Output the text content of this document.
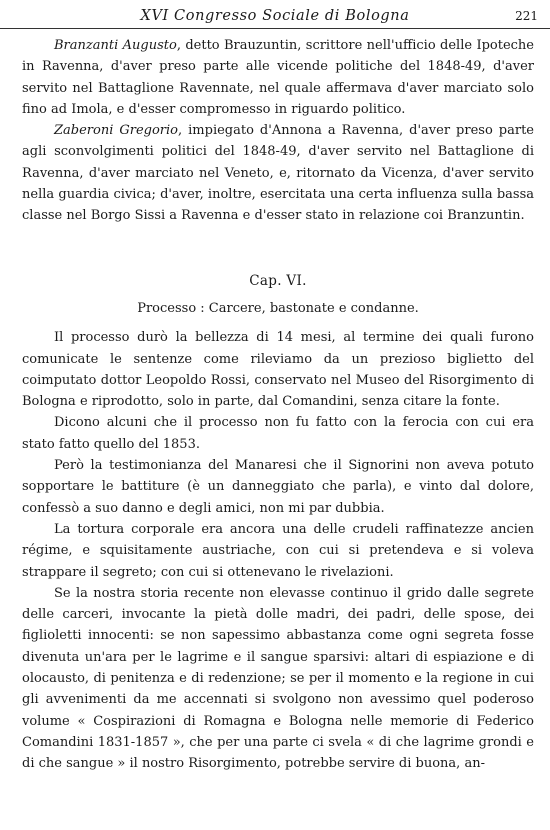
XVI Congresso Sociale di Bologna	221

Branzanti Augusto, detto Brauzuntin, scrittore nell'ufficio delle Ipoteche in Ravenna, d'aver preso parte alle vicende politiche del 1848-49, d'aver servito nel Battaglione Ravennate, nel quale affermava d'aver marciato solo fino ad Imola, e d'esser compromesso in riguardo politico.

Zaberoni Gregorio, impiegato d'Annona a Ravenna, d'aver preso parte agli sconvolgimenti politici del 1848-49, d'aver servito nel Battaglione di Ravenna, d'aver marciato nel Veneto, e, ritornato da Vicenza, d'aver servito nella guardia civica; d'aver, inoltre, esercitata una certa influenza sulla bassa classe nel Borgo Sissi a Ravenna e d'esser stato in relazione coi Branzuntin.

Cap. VI.
Processo : Carcere, bastonate e condanne.

Il processo durò la bellezza di 14 mesi, al termine dei quali furono comunicate le sentenze come rileviamo da un prezioso biglietto del coimputato dottor Leopoldo Rossi, conservato nel Museo del Risorgimento di Bologna e riprodotto, solo in parte, dal Comandini, senza citare la fonte.

Dicono alcuni che il processo non fu fatto con la ferocia con cui era stato fatto quello del 1853.

Però la testimonianza del Manaresi che il Signorini non aveva potuto sopportare le battiture (è un danneggiato che parla), e vinto dal dolore, confessò a suo danno e degli amici, non mi par dubbia.

La tortura corporale era ancora una delle crudeli raffinatezze ancien régime, e squisitamente austriache, con cui si pretendeva e si voleva strappare il segreto; con cui si ottenevano le rivelazioni.

Se la nostra storia recente non elevasse continuo il grido dalle segrete delle carceri, invocante la pietà dolle madri, dei padri, delle spose, dei figlioletti innocenti: se non sapessimo abbastanza come ogni segreta fosse divenuta un'ara per le lagrime e il sangue sparsivi: altari di espiazione e di olocausto, di penitenza e di redenzione; se per il momento e la regione in cui gli avvenimenti da me accennati si svolgono non avessimo quel poderoso volume « Cospirazioni di Romagna e Bologna nelle memorie di Federico Comandini 1831-1857 », che per una parte ci svela « di che lagrime grondi e di che sangue » il nostro Risorgimento, potrebbe servire di buona, an-
